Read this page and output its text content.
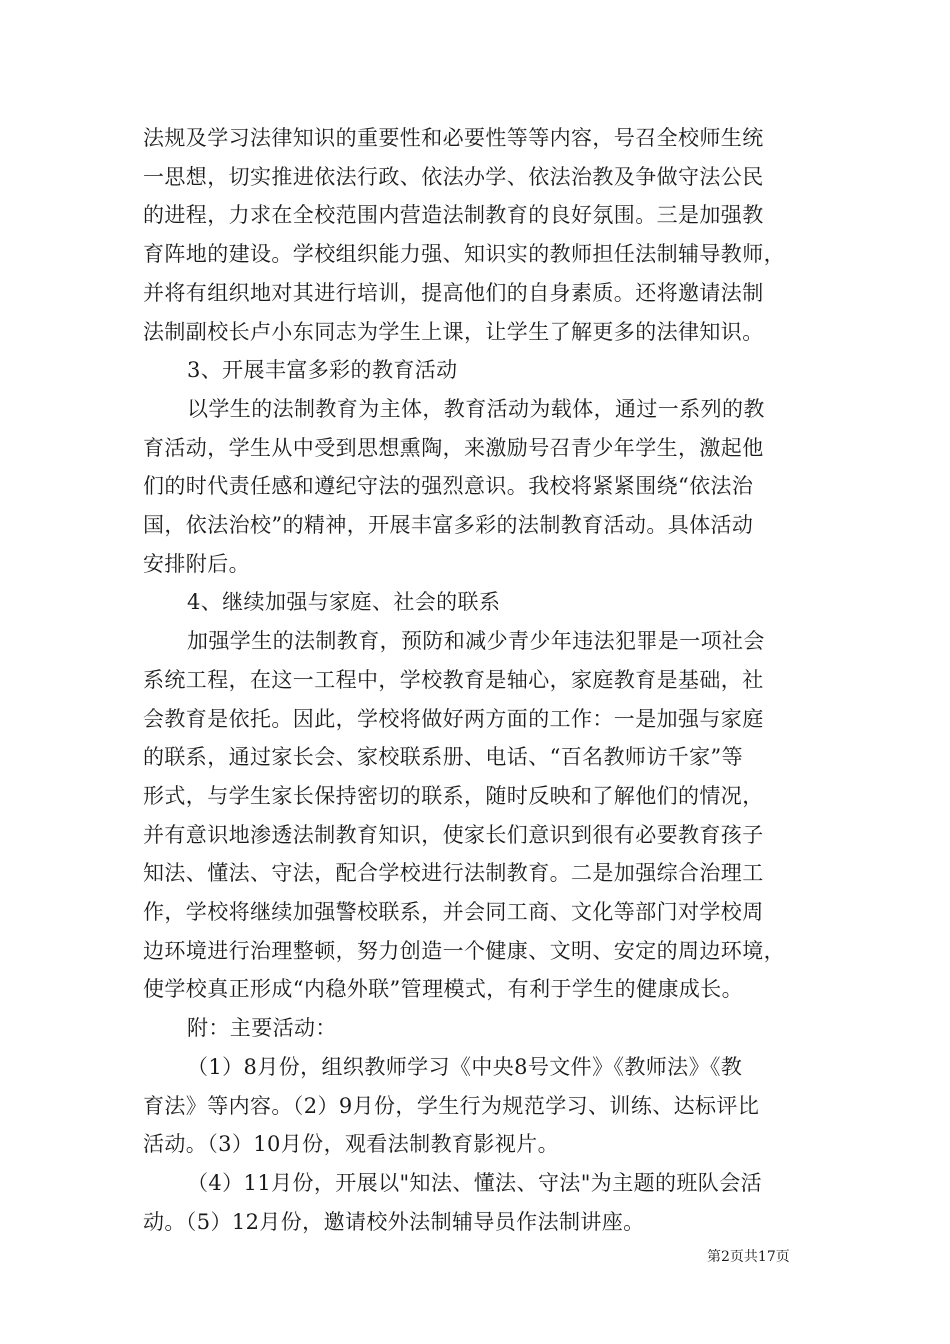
法规及学习法律知识的重要性和必要性等等内容，号召全校师生统
一思想，切实推进依法行政、依法办学、依法治教及争做守法公民
的进程，力求在全校范围内营造法制教育的良好氛围。三是加强教
育阵地的建设。学校组织能力强、知识实的教师担任法制辅导教师，
并将有组织地对其进行培训，提高他们的自身素质。还将邀请法制
法制副校长卢小东同志为学生上课，让学生了解更多的法律知识。
3、开展丰富多彩的教育活动
以学生的法制教育为主体，教育活动为载体，通过一系列的教
育活动，学生从中受到思想熏陶，来激励号召青少年学生，激起他
们的时代责任感和遵纪守法的强烈意识。我校将紧紧围绕“依法治
国，依法治校”的精神，开展丰富多彩的法制教育活动。具体活动
安排附后。
4、继续加强与家庭、社会的联系
加强学生的法制教育，预防和减少青少年违法犯罪是一项社会
系统工程，在这一工程中，学校教育是轴心，家庭教育是基础，社
会教育是依托。因此，学校将做好两方面的工作：一是加强与家庭
的联系，通过家长会、家校联系册、电话、“百名教师访千家”等
形式，与学生家长保持密切的联系，随时反映和了解他们的情况，
并有意识地渗透法制教育知识，使家长们意识到很有必要教育孩子
知法、懂法、守法，配合学校进行法制教育。二是加强综合治理工
作，学校将继续加强警校联系，并会同工商、文化等部门对学校周
边环境进行治理整顿，努力创造一个健康、文明、安定的周边环境，
使学校真正形成“内稳外联”管理模式，有利于学生的健康成长。
附：主要活动：
（1）8月份，组织教师学习《中央8号文件》《教师法》《教
育法》等内容。（2）9月份，学生行为规范学习、训练、达标评比
活动。（3）10月份，观看法制教育影视片。
（4）11月份，开展以"知法、懂法、守法"为主题的班队会活
动。（5）12月份，邀请校外法制辅导员作法制讲座。
第2页共17页
